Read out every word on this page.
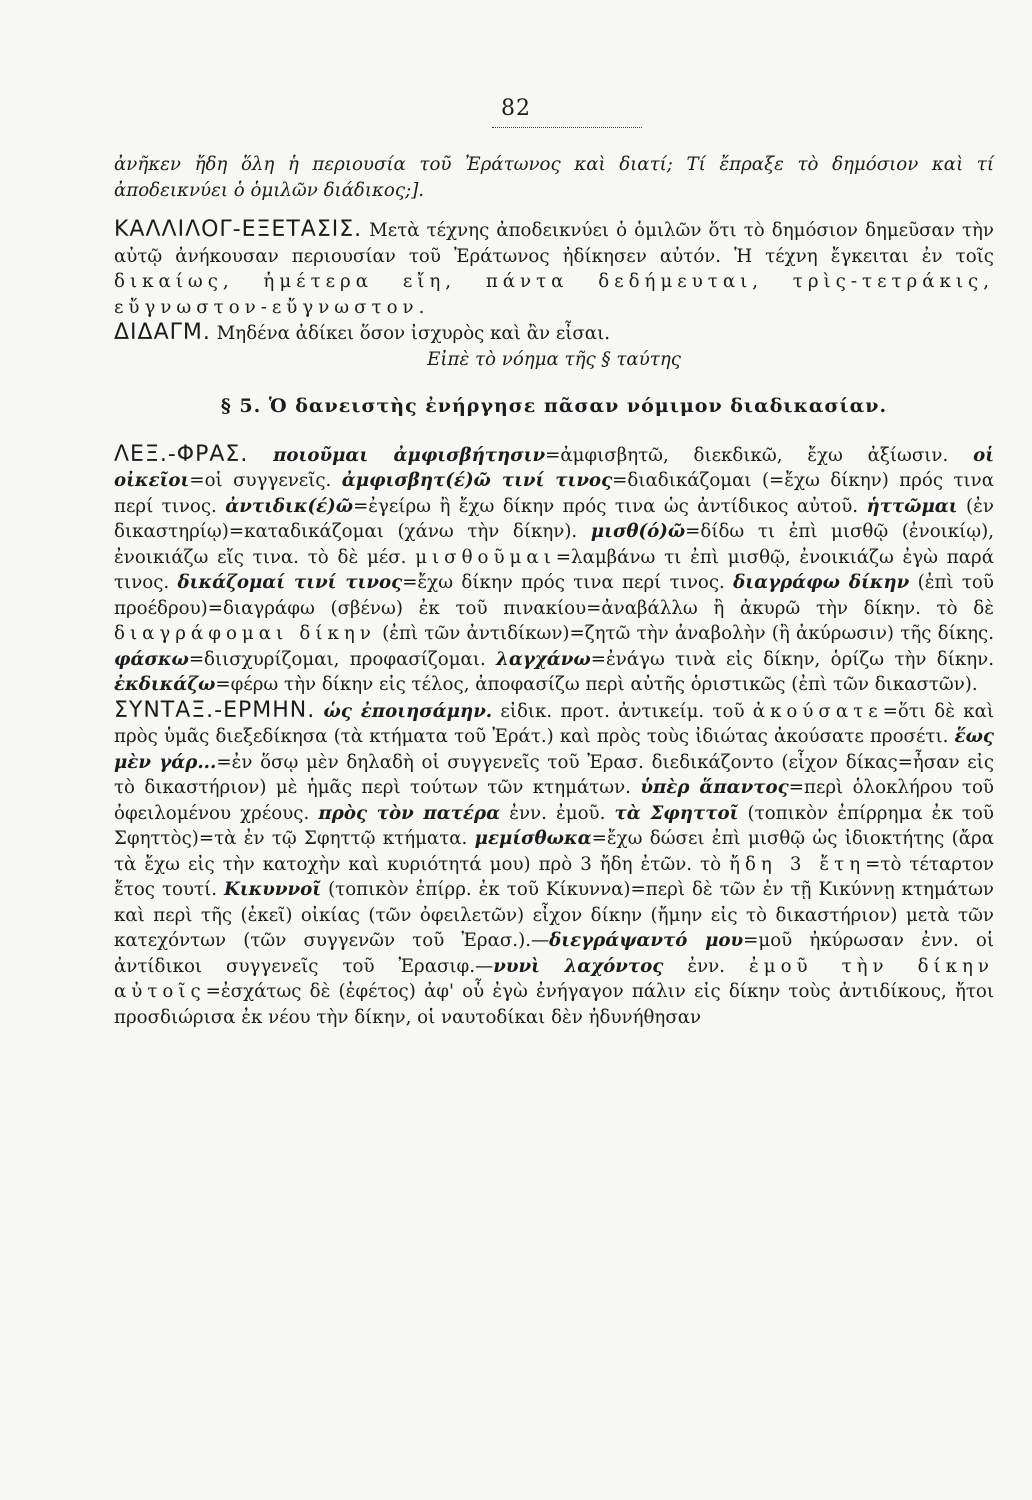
82

ἀνῆκεν ἤδη ὅλη ἡ περιουσία τοῦ Ἐράτωνος καὶ διατί; Τί ἔπραξε τὸ δημόσιον καὶ τί ἀποδεικνύει ὁ ὁμιλῶν διάδικος;].

ΚΑΛΛΙΛΟΓ-ΕΞΕΤΑΣΙΣ. Μετὰ τέχνης ἀποδεικνύει ὁ ὁμιλῶν ὅτι τὸ δημόσιον δημεῦσαν τὴν αὐτῷ ἀνήκουσαν περιουσίαν τοῦ Ἐράτωνος ἠδίκησεν αὐτόν. Ἡ τέχνη ἔγκειται ἐν τοῖς δικαίως, ἡμέτερα εἴη, πάντα δεδήμευται, τρὶς-τετράκις, εὔγνωστον-εὔγνωστον.

ΔΙΔΑΓΜ. Μηδένα ἀδίκει ὅσον ἰσχυρὸς καὶ ἂν εἶσαι.

Εἰπὲ τὸ νόημα τῆς § ταύτης

§ 5. Ὁ δανειστὴς ἐνήργησε πᾶσαν νόμιμον διαδικασίαν.

ΛΕΞ.-ΦΡΑΣ. ποιοῦμαι ἀμφισβήτησιν=ἀμφισβητῶ, διεκδικῶ, ἔχω ἀξίωσιν. οἱ οἰκεῖοι=οἱ συγγενεῖς. ἀμφισβητ(έ)ῶ τινί τινος=διαδικάζομαι (=ἔχω δίκην) πρός τινα περί τινος. ἀντιδικ(έ)ῶ=ἐγείρω ἢ ἔχω δίκην πρός τινα ὡς ἀντίδικος αὐτοῦ. ἡττῶμαι (ἐν δικαστηρίῳ)=καταδικάζομαι (χάνω τὴν δίκην). μισθ(ό)ῶ=δίδω τι ἐπὶ μισθῷ (ἐνοικίῳ), ἐνοικιάζω εἴς τινα. τὸ δὲ μέσ. μισθοῦμαι=λαμβάνω τι ἐπὶ μισθῷ, ἐνοικιάζω ἐγὼ παρά τινος. δικάζομαί τινί τινος=ἔχω δίκην πρός τινα περί τινος. διαγράφω δίκην (ἐπὶ τοῦ προέδρου)=διαγράφω (σβένω) ἐκ τοῦ πινακίου=ἀναβάλλω ἢ ἀκυρῶ τὴν δίκην. τὸ δὲ διαγράφομαι δίκην (ἐπὶ τῶν ἀντιδίκων)=ζητῶ τὴν ἀναβολὴν (ἢ ἀκύρωσιν) τῆς δίκης. φάσκω=διισχυρίζομαι, προφασίζομαι. λαγχάνω=ἐνάγω τινὰ εἰς δίκην, ὁρίζω τὴν δίκην. ἐκδικάζω=φέρω τὴν δίκην εἰς τέλος, ἀποφασίζω περὶ αὐτῆς ὁριστικῶς (ἐπὶ τῶν δικαστῶν).

ΣΥΝΤΑΞ.-ΕΡΜΗΝ. ὡς ἐποιησάμην. εἰδικ. προτ. ἀντικείμ. τοῦ ἀκούσατε=ὅτι δὲ καὶ πρὸς ὑμᾶς διεξεδίκησα (τὰ κτήματα τοῦ Ἐράτ.) καὶ πρὸς τοὺς ἰδιώτας ἀκούσατε προσέτι. ἕως μὲν γάρ...=ἐν ὅσῳ μὲν δηλαδὴ οἱ συγγενεῖς τοῦ Ἐρασ. διεδικάζοντο (εἶχον δίκας=ἦσαν εἰς τὸ δικαστήριον) μὲ ἡμᾶς περὶ τούτων τῶν κτημάτων. ὑπὲρ ἅπαντος=περὶ ὁλοκλήρου τοῦ ὀφειλομένου χρέους. πρὸς τὸν πατέρα ἐνν. ἐμοῦ. τὰ Σφηττοῖ (τοπικὸν ἐπίρρημα ἐκ τοῦ Σφηττὸς)=τὰ ἐν τῷ Σφηττῷ κτήματα. μεμίσθωκα=ἔχω δώσει ἐπὶ μισθῷ ὡς ἰδιοκτήτης (ἄρα τὰ ἔχω εἰς τὴν κατοχὴν καὶ κυριότητά μου) πρὸ 3 ἤδη ἐτῶν. τὸ ἤδη 3 ἔτη=τὸ τέταρτον ἔτος τουτί. Κικυννοῖ (τοπικὸν ἐπίρρ. ἐκ τοῦ Κίκυννα)=περὶ δὲ τῶν ἐν τῇ Κικύννῃ κτημάτων καὶ περὶ τῆς (ἐκεῖ) οἰκίας (τῶν ὀφειλετῶν) εἶχον δίκην (ἤμην εἰς τὸ δικαστήριον) μετὰ τῶν κατεχόντων (τῶν συγγενῶν τοῦ Ἐρασ.).—διεγράψαντό μου=μοῦ ἠκύρωσαν ἐνν. οἱ ἀντίδικοι συγγενεῖς τοῦ Ἐρασιφ.—νυνὶ λαχόντος ἐνν. ἐμοῦ τὴν δίκην αὐτοῖς=ἐσχάτως δὲ (ἐφέτος) ἀφ' οὗ ἐγὼ ἐνήγαγον πάλιν εἰς δίκην τοὺς ἀντιδίκους, ἤτοι προσδιώρισα ἐκ νέου τὴν δίκην, οἱ ναυτοδίκαι δὲν ἠδυνήθησαν
